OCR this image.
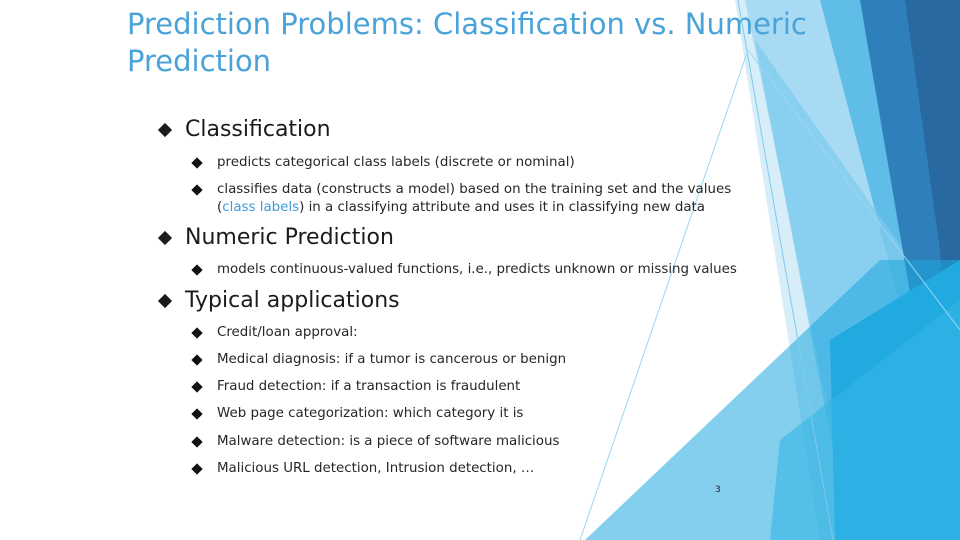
Prediction Problems: Classification vs. Numeric
Prediction
Classification
predicts categorical class labels (discrete or nominal)
classifies data (constructs a model) based on the training set and the values
(class labels) in a classifying attribute and uses it in classifying new data
Numeric Prediction
models continuous-valued functions, i.e., predicts unknown or missing values
Typical applications
Credit/loan approval:
Medical diagnosis: if a tumor is cancerous or benign
Fraud detection: if a transaction is fraudulent
Web page categorization: which category it is
Malware detection: is a piece of software malicious
Malicious URL detection, Intrusion detection, …
3
